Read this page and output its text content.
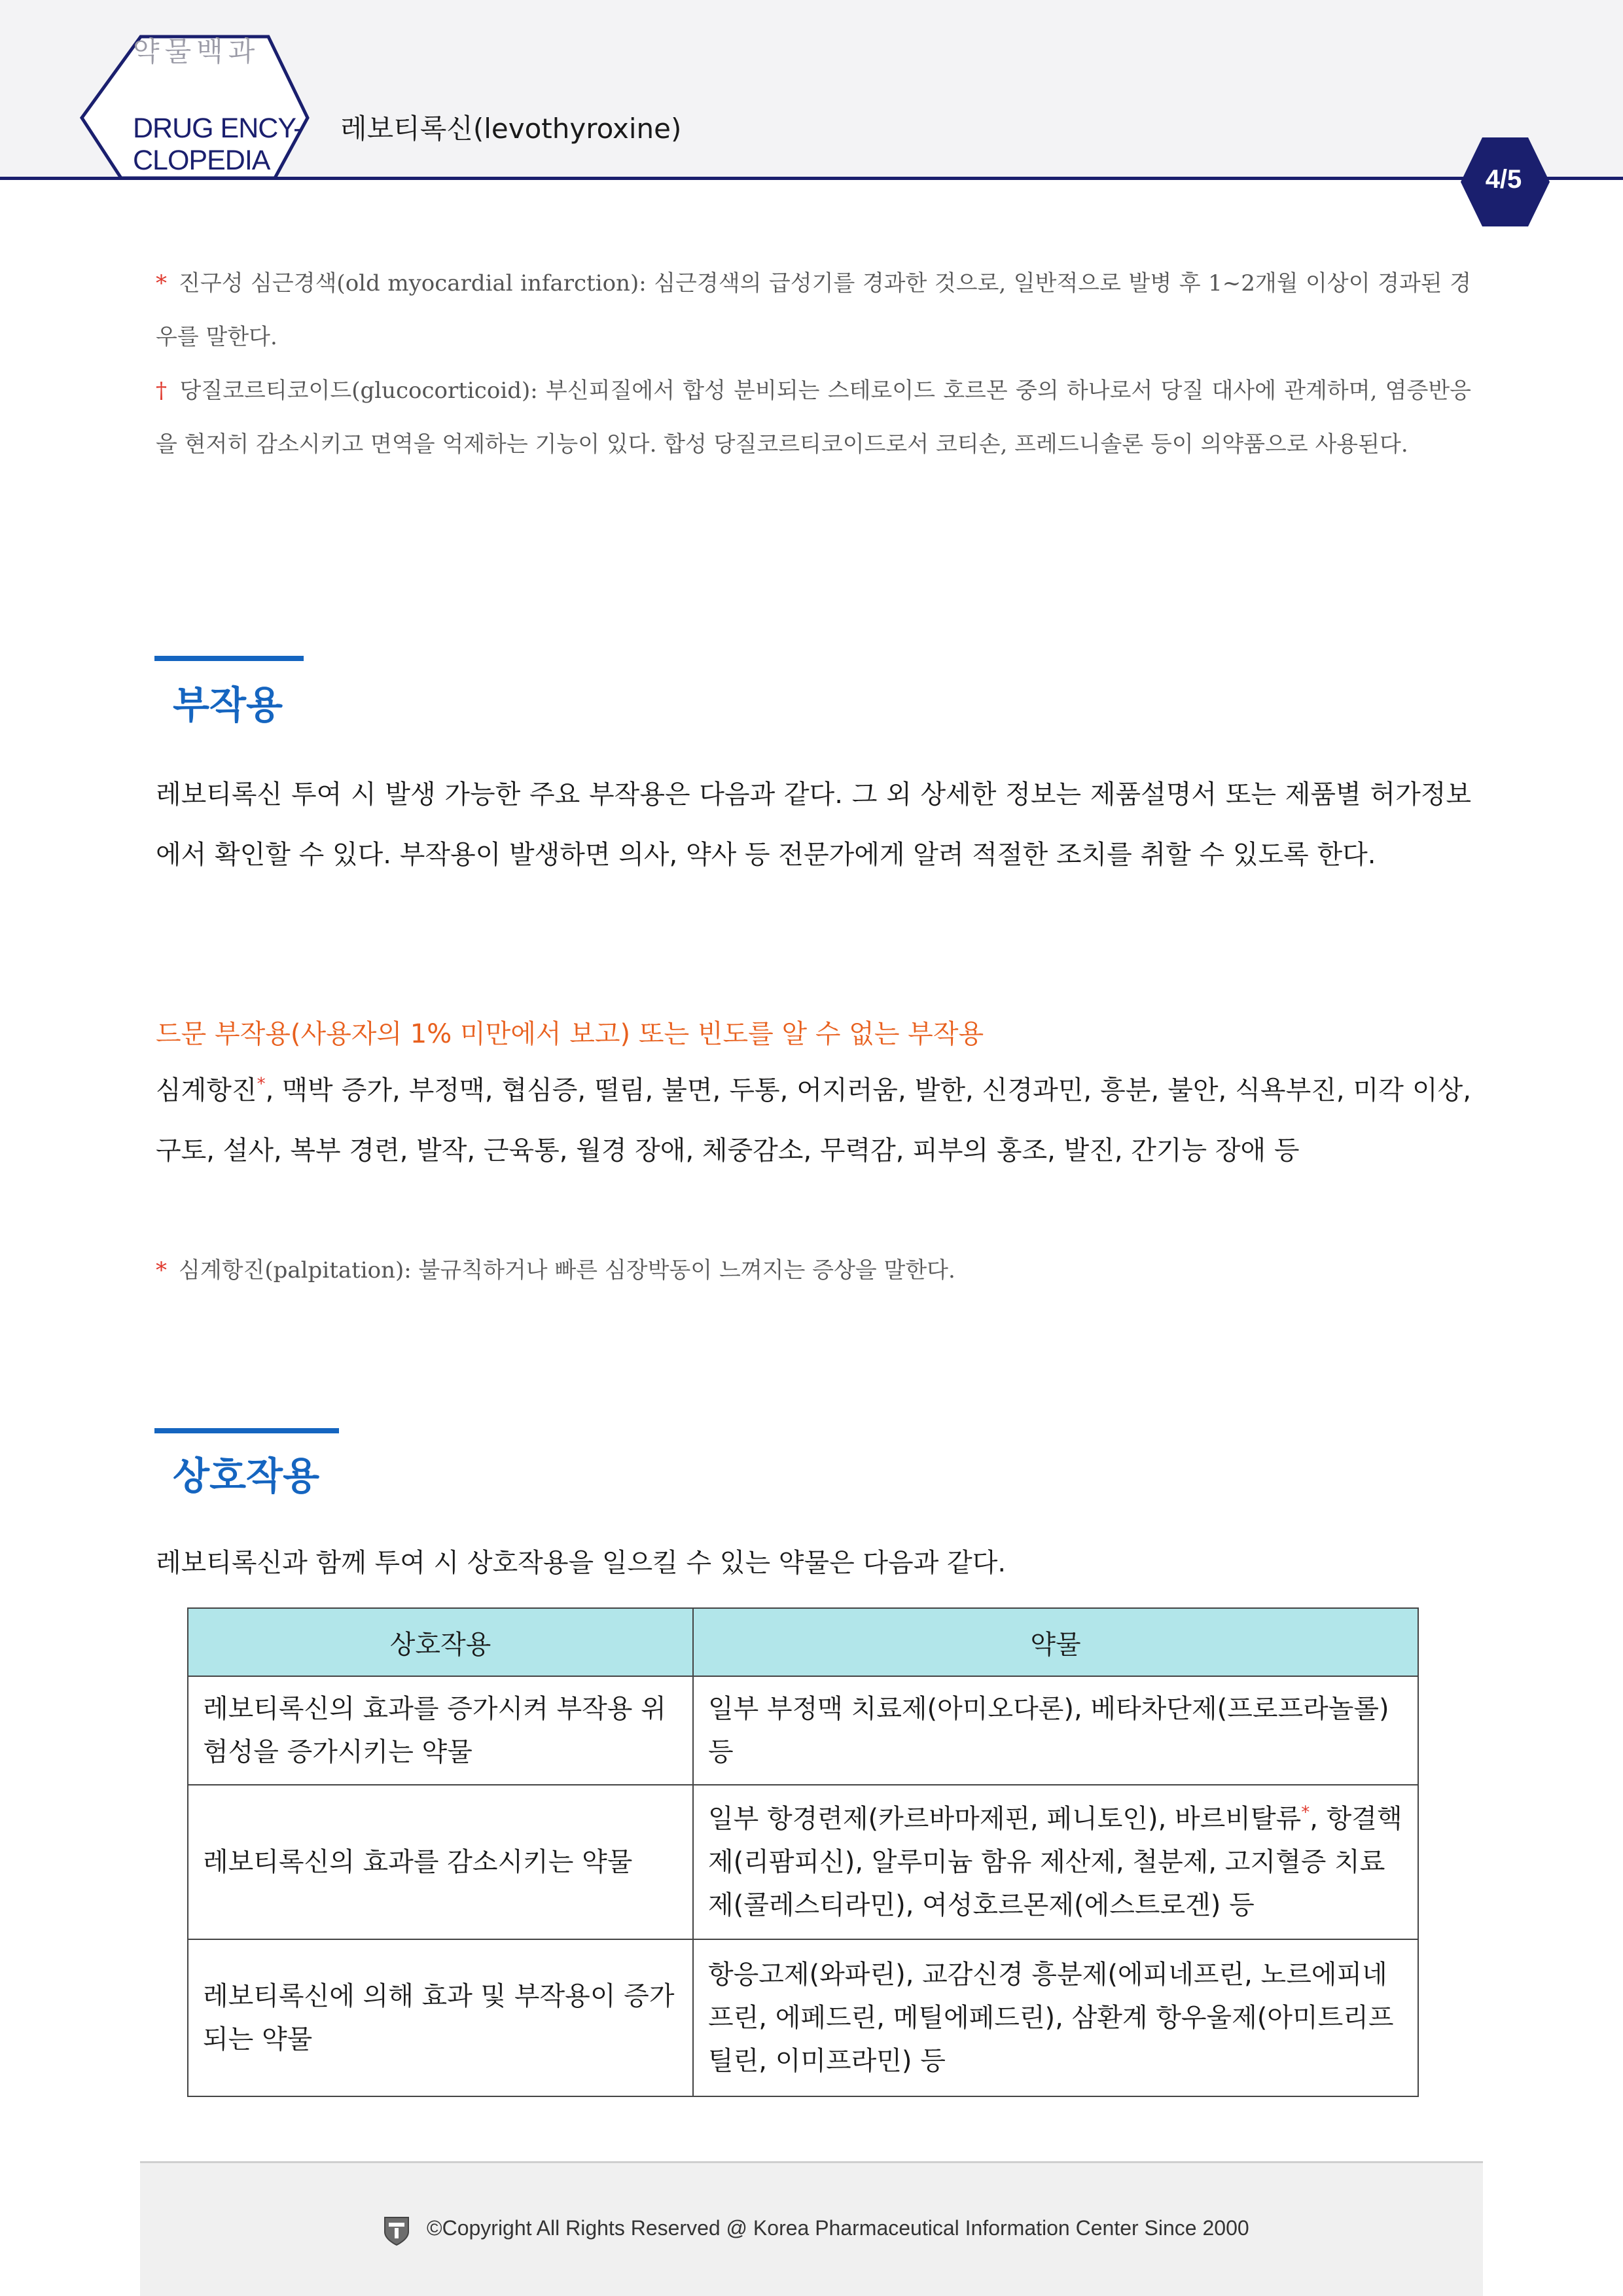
약물백과
DRUG ENCY-
CLOPEDIA
레보티록신(levothyroxine)
4/5
* 진구성 심근경색(old myocardial infarction): 심근경색의 급성기를 경과한 것으로, 일반적으로 발병 후 1~2개월 이상이 경과된 경우를 말한다.
† 당질코르티코이드(glucocorticoid): 부신피질에서 합성 분비되는 스테로이드 호르몬 중의 하나로서 당질 대사에 관계하며, 염증반응을 현저히 감소시키고 면역을 억제하는 기능이 있다. 합성 당질코르티코이드로서 코티손, 프레드니솔론 등이 의약품으로 사용된다.
부작용
레보티록신 투여 시 발생 가능한 주요 부작용은 다음과 같다. 그 외 상세한 정보는 제품설명서 또는 제품별 허가정보에서 확인할 수 있다. 부작용이 발생하면 의사, 약사 등 전문가에게 알려 적절한 조치를 취할 수 있도록 한다.
드문 부작용(사용자의 1% 미만에서 보고) 또는 빈도를 알 수 없는 부작용
심계항진*, 맥박 증가, 부정맥, 협심증, 떨림, 불면, 두통, 어지러움, 발한, 신경과민, 흥분, 불안, 식욕부진, 미각 이상, 구토, 설사, 복부 경련, 발작, 근육통, 월경 장애, 체중감소, 무력감, 피부의 홍조, 발진, 간기능 장애 등
* 심계항진(palpitation): 불규칙하거나 빠른 심장박동이 느껴지는 증상을 말한다.
상호작용
레보티록신과 함께 투여 시 상호작용을 일으킬 수 있는 약물은 다음과 같다.
상호작용	약물
레보티록신의 효과를 증가시켜 부작용 위험성을 증가시키는 약물	일부 부정맥 치료제(아미오다론), 베타차단제(프로프라놀롤) 등
레보티록신의 효과를 감소시키는 약물	일부 항경련제(카르바마제핀, 페니토인), 바르비탈류*, 항결핵제(리팜피신), 알루미늄 함유 제산제, 철분제, 고지혈증 치료제(콜레스티라민), 여성호르몬제(에스트로겐) 등
레보티록신에 의해 효과 및 부작용이 증가되는 약물	항응고제(와파린), 교감신경 흥분제(에피네프린, 노르에피네프린, 에페드린, 메틸에페드린), 삼환계 항우울제(아미트리프틸린, 이미프라민) 등
©Copyright All Rights Reserved @ Korea Pharmaceutical Information Center Since 2000
